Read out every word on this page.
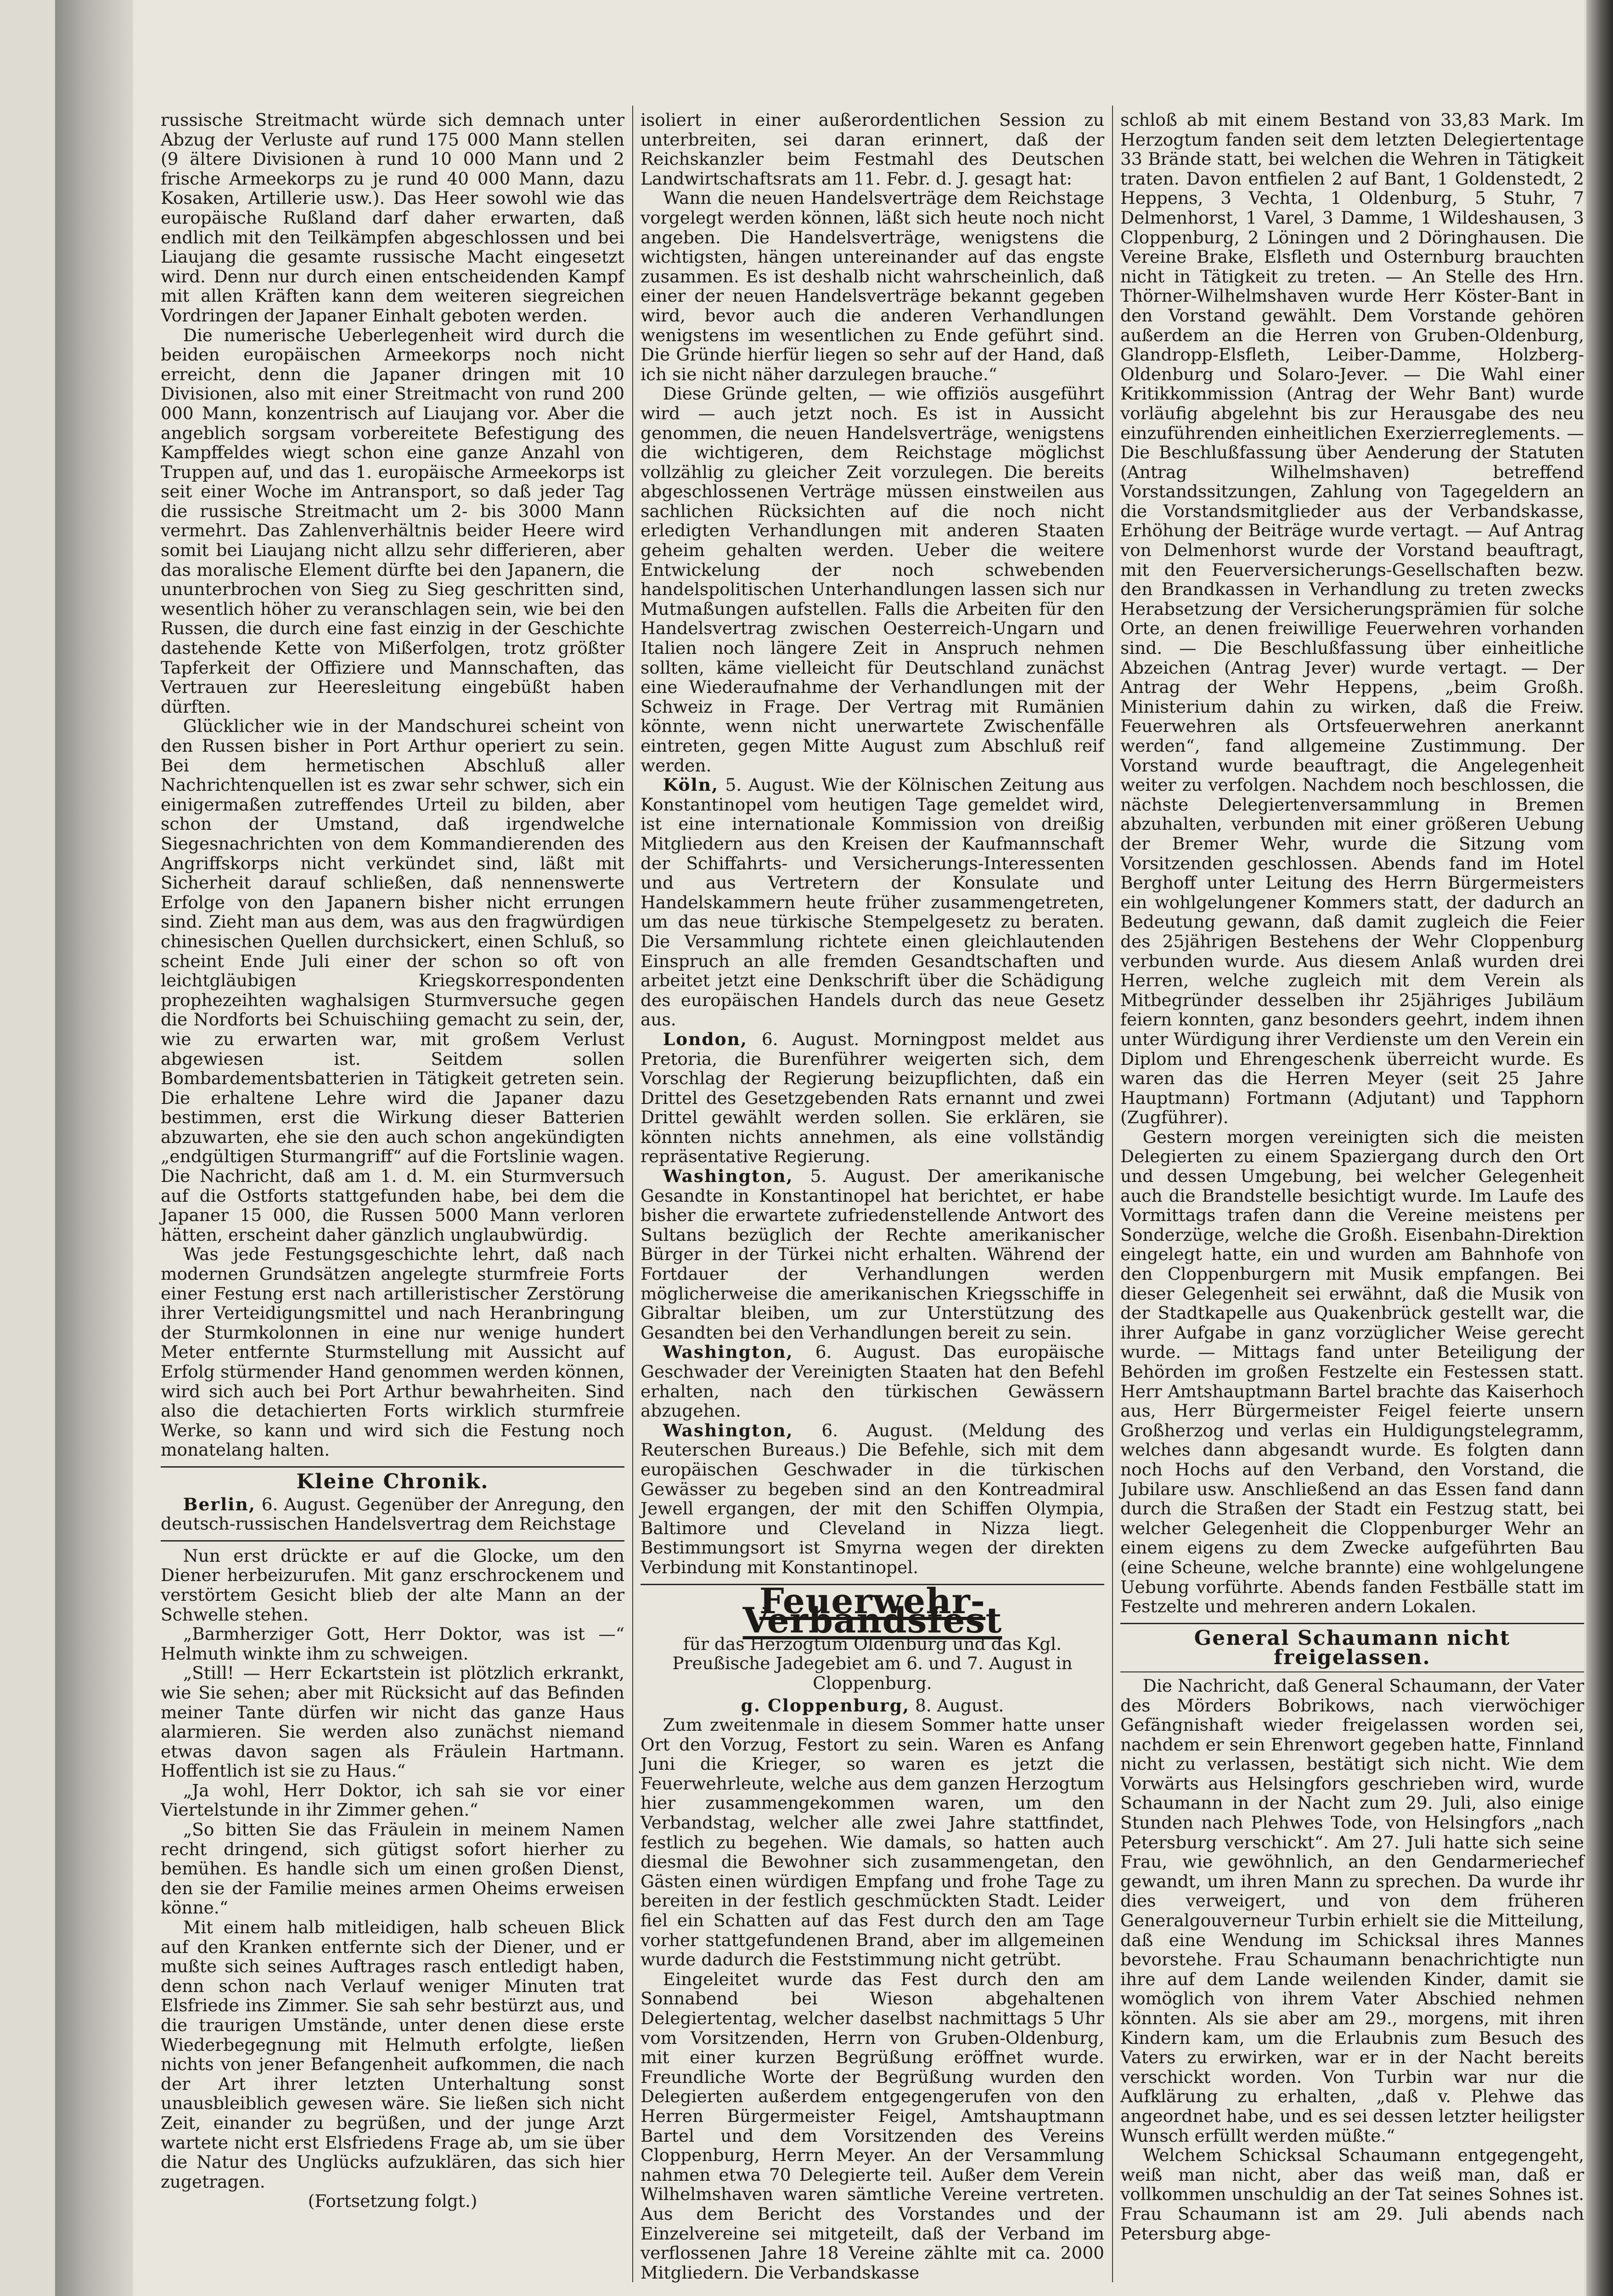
russische Streitmacht würde sich demnach unter Abzug der Verluste auf rund 175 000 Mann stellen (9 ältere Divisionen à rund 10 000 Mann und 2 frische Armeekorps zu je rund 40 000 Mann, dazu Kosaken, Artillerie usw.). Das Heer sowohl wie das europäische Rußland darf daher erwarten, daß endlich mit den Teilkämpfen abgeschlossen und bei Liaujang die gesamte russische Macht eingesetzt wird. Denn nur durch einen entscheidenden Kampf mit allen Kräften kann dem weiteren siegreichen Vordringen der Japaner Einhalt geboten werden.

Die numerische Ueberlegenheit wird durch die beiden europäischen Armeekorps noch nicht erreicht, denn die Japaner dringen mit 10 Divisionen, also mit einer Streitmacht von rund 200 000 Mann, konzentrisch auf Liaujang vor. Aber die angeblich sorgsam vorbereitete Befestigung des Kampffeldes wiegt schon eine ganze Anzahl von Truppen auf, und das 1. europäische Armeekorps ist seit einer Woche im Antransport, so daß jeder Tag die russische Streitmacht um 2- bis 3000 Mann vermehrt. Das Zahlenverhältnis beider Heere wird somit bei Liaujang nicht allzu sehr differieren, aber das moralische Element dürfte bei den Japanern, die ununterbrochen von Sieg zu Sieg geschritten sind, wesentlich höher zu veranschlagen sein, wie bei den Russen, die durch eine fast einzig in der Geschichte dastehende Kette von Mißerfolgen, trotz größter Tapferkeit der Offiziere und Mannschaften, das Vertrauen zur Heeresleitung eingebüßt haben dürften.

Glücklicher wie in der Mandschurei scheint von den Russen bisher in Port Arthur operiert zu sein. Bei dem hermetischen Abschluß aller Nachrichtenquellen ist es zwar sehr schwer, sich ein einigermaßen zutreffendes Urteil zu bilden, aber schon der Umstand, daß irgendwelche Siegesnachrichten von dem Kommandierenden des Angriffskorps nicht verkündet sind, läßt mit Sicherheit darauf schließen, daß nennenswerte Erfolge von den Japanern bisher nicht errungen sind. Zieht man aus dem, was aus den fragwürdigen chinesischen Quellen durchsickert, einen Schluß, so scheint Ende Juli einer der schon so oft von leichtgläubigen Kriegskorrespondenten prophezeihten waghalsigen Sturmversuche gegen die Nordforts bei Schuischiing gemacht zu sein, der, wie zu erwarten war, mit großem Verlust abgewiesen ist. Seitdem sollen Bombardementsbatterien in Tätigkeit getreten sein. Die erhaltene Lehre wird die Japaner dazu bestimmen, erst die Wirkung dieser Batterien abzuwarten, ehe sie den auch schon angekündigten „endgültigen Sturmangriff“ auf die Fortslinie wagen. Die Nachricht, daß am 1. d. M. ein Sturmversuch auf die Ostforts stattgefunden habe, bei dem die Japaner 15 000, die Russen 5000 Mann verloren hätten, erscheint daher gänzlich unglaubwürdig.

Was jede Festungsgeschichte lehrt, daß nach modernen Grundsätzen angelegte sturmfreie Forts einer Festung erst nach artilleristischer Zerstörung ihrer Verteidigungsmittel und nach Heranbringung der Sturmkolonnen in eine nur wenige hundert Meter entfernte Sturmstellung mit Aussicht auf Erfolg stürmender Hand genommen werden können, wird sich auch bei Port Arthur bewahrheiten. Sind also die detachierten Forts wirklich sturmfreie Werke, so kann und wird sich die Festung noch monatelang halten.

Kleine Chronik.

Berlin, 6. August. Gegenüber der Anregung, den deutsch-russischen Handelsvertrag dem Reichstage

Nun erst drückte er auf die Glocke, um den Diener herbeizurufen. Mit ganz erschrockenem und verstörtem Gesicht blieb der alte Mann an der Schwelle stehen.

„Barmherziger Gott, Herr Doktor, was ist —“ Helmuth winkte ihm zu schweigen.

„Still! — Herr Eckartstein ist plötzlich erkrankt, wie Sie sehen; aber mit Rücksicht auf das Befinden meiner Tante dürfen wir nicht das ganze Haus alarmieren. Sie werden also zunächst niemand etwas davon sagen als Fräulein Hartmann. Hoffentlich ist sie zu Haus.“

„Ja wohl, Herr Doktor, ich sah sie vor einer Viertelstunde in ihr Zimmer gehen.“

„So bitten Sie das Fräulein in meinem Namen recht dringend, sich gütigst sofort hierher zu bemühen. Es handle sich um einen großen Dienst, den sie der Familie meines armen Oheims erweisen könne.“

Mit einem halb mitleidigen, halb scheuen Blick auf den Kranken entfernte sich der Diener, und er mußte sich seines Auftrages rasch entledigt haben, denn schon nach Verlauf weniger Minuten trat Elsfriede ins Zimmer. Sie sah sehr bestürzt aus, und die traurigen Umstände, unter denen diese erste Wiederbegegnung mit Helmuth erfolgte, ließen nichts von jener Befangenheit aufkommen, die nach der Art ihrer letzten Unterhaltung sonst unausbleiblich gewesen wäre. Sie ließen sich nicht Zeit, einander zu begrüßen, und der junge Arzt wartete nicht erst Elsfriedens Frage ab, um sie über die Natur des Unglücks aufzuklären, das sich hier zugetragen.

(Fortsetzung folgt.)

isoliert in einer außerordentlichen Session zu unterbreiten, sei daran erinnert, daß der Reichskanzler beim Festmahl des Deutschen Landwirtschaftsrats am 11. Febr. d. J. gesagt hat:

Wann die neuen Handelsverträge dem Reichstage vorgelegt werden können, läßt sich heute noch nicht angeben. Die Handelsverträge, wenigstens die wichtigsten, hängen untereinander auf das engste zusammen. Es ist deshalb nicht wahrscheinlich, daß einer der neuen Handelsverträge bekannt gegeben wird, bevor auch die anderen Verhandlungen wenigstens im wesentlichen zu Ende geführt sind. Die Gründe hierfür liegen so sehr auf der Hand, daß ich sie nicht näher darzulegen brauche.“

Diese Gründe gelten, — wie offiziös ausgeführt wird — auch jetzt noch. Es ist in Aussicht genommen, die neuen Handelsverträge, wenigstens die wichtigeren, dem Reichstage möglichst vollzählig zu gleicher Zeit vorzulegen. Die bereits abgeschlossenen Verträge müssen einstweilen aus sachlichen Rücksichten auf die noch nicht erledigten Verhandlungen mit anderen Staaten geheim gehalten werden. Ueber die weitere Entwickelung der noch schwebenden handelspolitischen Unterhandlungen lassen sich nur Mutmaßungen aufstellen. Falls die Arbeiten für den Handelsvertrag zwischen Oesterreich-Ungarn und Italien noch längere Zeit in Anspruch nehmen sollten, käme vielleicht für Deutschland zunächst eine Wiederaufnahme der Verhandlungen mit der Schweiz in Frage. Der Vertrag mit Rumänien könnte, wenn nicht unerwartete Zwischenfälle eintreten, gegen Mitte August zum Abschluß reif werden.

Köln, 5. August. Wie der Kölnischen Zeitung aus Konstantinopel vom heutigen Tage gemeldet wird, ist eine internationale Kommission von dreißig Mitgliedern aus den Kreisen der Kaufmannschaft der Schiffahrts- und Versicherungs-Interessenten und aus Vertretern der Konsulate und Handelskammern heute früher zusammengetreten, um das neue türkische Stempelgesetz zu beraten. Die Versammlung richtete einen gleichlautenden Einspruch an alle fremden Gesandtschaften und arbeitet jetzt eine Denkschrift über die Schädigung des europäischen Handels durch das neue Gesetz aus.

London, 6. August. Morningpost meldet aus Pretoria, die Burenführer weigerten sich, dem Vorschlag der Regierung beizupflichten, daß ein Drittel des Gesetzgebenden Rats ernannt und zwei Drittel gewählt werden sollen. Sie erklären, sie könnten nichts annehmen, als eine vollständig repräsentative Regierung.

Washington, 5. August. Der amerikanische Gesandte in Konstantinopel hat berichtet, er habe bisher die erwartete zufriedenstellende Antwort des Sultans bezüglich der Rechte amerikanischer Bürger in der Türkei nicht erhalten. Während der Fortdauer der Verhandlungen werden möglicherweise die amerikanischen Kriegsschiffe in Gibraltar bleiben, um zur Unterstützung des Gesandten bei den Verhandlungen bereit zu sein.

Washington, 6. August. Das europäische Geschwader der Vereinigten Staaten hat den Befehl erhalten, nach den türkischen Gewässern abzugehen.

Washington, 6. August. (Meldung des Reuterschen Bureaus.) Die Befehle, sich mit dem europäischen Geschwader in die türkischen Gewässer zu begeben sind an den Kontreadmiral Jewell ergangen, der mit den Schiffen Olympia, Baltimore und Cleveland in Nizza liegt. Bestimmungsort ist Smyrna wegen der direkten Verbindung mit Konstantinopel.

Feuerwehr-Verbandsfest
für das Herzogtum Oldenburg und das Kgl. Preußische Jadegebiet am 6. und 7. August in Cloppenburg.

g. Cloppenburg, 8. August.

Zum zweitenmale in diesem Sommer hatte unser Ort den Vorzug, Festort zu sein. Waren es Anfang Juni die Krieger, so waren es jetzt die Feuerwehrleute, welche aus dem ganzen Herzogtum hier zusammengekommen waren, um den Verbandstag, welcher alle zwei Jahre stattfindet, festlich zu begehen. Wie damals, so hatten auch diesmal die Bewohner sich zusammengetan, den Gästen einen würdigen Empfang und frohe Tage zu bereiten in der festlich geschmückten Stadt. Leider fiel ein Schatten auf das Fest durch den am Tage vorher stattgefundenen Brand, aber im allgemeinen wurde dadurch die Feststimmung nicht getrübt.

Eingeleitet wurde das Fest durch den am Sonnabend bei Wieson abgehaltenen Delegiertentag, welcher daselbst nachmittags 5 Uhr vom Vorsitzenden, Herrn von Gruben-Oldenburg, mit einer kurzen Begrüßung eröffnet wurde. Freundliche Worte der Begrüßung wurden den Delegierten außerdem entgegengerufen von den Herren Bürgermeister Feigel, Amtshauptmann Bartel und dem Vorsitzenden des Vereins Cloppenburg, Herrn Meyer. An der Versammlung nahmen etwa 70 Delegierte teil. Außer dem Verein Wilhelmshaven waren sämtliche Vereine vertreten. Aus dem Bericht des Vorstandes und der Einzelvereine sei mitgeteilt, daß der Verband im verflossenen Jahre 18 Vereine zählte mit ca. 2000 Mitgliedern. Die Verbandskasse

schloß ab mit einem Bestand von 33,83 Mark. Im Herzogtum fanden seit dem letzten Delegiertentage 33 Brände statt, bei welchen die Wehren in Tätigkeit traten. Davon entfielen 2 auf Bant, 1 Goldenstedt, 2 Heppens, 3 Vechta, 1 Oldenburg, 5 Stuhr, 7 Delmenhorst, 1 Varel, 3 Damme, 1 Wildeshausen, 3 Cloppenburg, 2 Löningen und 2 Döringhausen. Die Vereine Brake, Elsfleth und Osternburg brauchten nicht in Tätigkeit zu treten. — An Stelle des Hrn. Thörner-Wilhelmshaven wurde Herr Köster-Bant in den Vorstand gewählt. Dem Vorstande gehören außerdem an die Herren von Gruben-Oldenburg, Glandropp-Elsfleth, Leiber-Damme, Holzberg-Oldenburg und Solaro-Jever. — Die Wahl einer Kritikkommission (Antrag der Wehr Bant) wurde vorläufig abgelehnt bis zur Herausgabe des neu einzuführenden einheitlichen Exerzierreglements. — Die Beschlußfassung über Aenderung der Statuten (Antrag Wilhelmshaven) betreffend Vorstandssitzungen, Zahlung von Tagegeldern an die Vorstandsmitglieder aus der Verbandskasse, Erhöhung der Beiträge wurde vertagt. — Auf Antrag von Delmenhorst wurde der Vorstand beauftragt, mit den Feuerversicherungs-Gesellschaften bezw. den Brandkassen in Verhandlung zu treten zwecks Herabsetzung der Versicherungsprämien für solche Orte, an denen freiwillige Feuerwehren vorhanden sind. — Die Beschlußfassung über einheitliche Abzeichen (Antrag Jever) wurde vertagt. — Der Antrag der Wehr Heppens, „beim Großh. Ministerium dahin zu wirken, daß die Freiw. Feuerwehren als Ortsfeuerwehren anerkannt werden“, fand allgemeine Zustimmung. Der Vorstand wurde beauftragt, die Angelegenheit weiter zu verfolgen. Nachdem noch beschlossen, die nächste Delegiertenversammlung in Bremen abzuhalten, verbunden mit einer größeren Uebung der Bremer Wehr, wurde die Sitzung vom Vorsitzenden geschlossen. Abends fand im Hotel Berghoff unter Leitung des Herrn Bürgermeisters ein wohlgelungener Kommers statt, der dadurch an Bedeutung gewann, daß damit zugleich die Feier des 25jährigen Bestehens der Wehr Cloppenburg verbunden wurde. Aus diesem Anlaß wurden drei Herren, welche zugleich mit dem Verein als Mitbegründer desselben ihr 25jähriges Jubiläum feiern konnten, ganz besonders geehrt, indem ihnen unter Würdigung ihrer Verdienste um den Verein ein Diplom und Ehrengeschenk überreicht wurde. Es waren das die Herren Meyer (seit 25 Jahre Hauptmann) Fortmann (Adjutant) und Tapphorn (Zugführer).

Gestern morgen vereinigten sich die meisten Delegierten zu einem Spaziergang durch den Ort und dessen Umgebung, bei welcher Gelegenheit auch die Brandstelle besichtigt wurde. Im Laufe des Vormittags trafen dann die Vereine meistens per Sonderzüge, welche die Großh. Eisenbahn-Direktion eingelegt hatte, ein und wurden am Bahnhofe von den Cloppenburgern mit Musik empfangen. Bei dieser Gelegenheit sei erwähnt, daß die Musik von der Stadtkapelle aus Quakenbrück gestellt war, die ihrer Aufgabe in ganz vorzüglicher Weise gerecht wurde. — Mittags fand unter Beteiligung der Behörden im großen Festzelte ein Festessen statt. Herr Amtshauptmann Bartel brachte das Kaiserhoch aus, Herr Bürgermeister Feigel feierte unsern Großherzog und verlas ein Huldigungstelegramm, welches dann abgesandt wurde. Es folgten dann noch Hochs auf den Verband, den Vorstand, die Jubilare usw. Anschließend an das Essen fand dann durch die Straßen der Stadt ein Festzug statt, bei welcher Gelegenheit die Cloppenburger Wehr an einem eigens zu dem Zwecke aufgeführten Bau (eine Scheune, welche brannte) eine wohlgelungene Uebung vorführte. Abends fanden Festbälle statt im Festzelte und mehreren andern Lokalen.

General Schaumann nicht freigelassen.

Die Nachricht, daß General Schaumann, der Vater des Mörders Bobrikows, nach vierwöchiger Gefängnishaft wieder freigelassen worden sei, nachdem er sein Ehrenwort gegeben hatte, Finnland nicht zu verlassen, bestätigt sich nicht. Wie dem Vorwärts aus Helsingfors geschrieben wird, wurde Schaumann in der Nacht zum 29. Juli, also einige Stunden nach Plehwes Tode, von Helsingfors „nach Petersburg verschickt“. Am 27. Juli hatte sich seine Frau, wie gewöhnlich, an den Gendarmeriechef gewandt, um ihren Mann zu sprechen. Da wurde ihr dies verweigert, und von dem früheren Generalgouverneur Turbin erhielt sie die Mitteilung, daß eine Wendung im Schicksal ihres Mannes bevorstehe. Frau Schaumann benachrichtigte nun ihre auf dem Lande weilenden Kinder, damit sie womöglich von ihrem Vater Abschied nehmen könnten. Als sie aber am 29., morgens, mit ihren Kindern kam, um die Erlaubnis zum Besuch des Vaters zu erwirken, war er in der Nacht bereits verschickt worden. Von Turbin war nur die Aufklärung zu erhalten, „daß v. Plehwe das angeordnet habe, und es sei dessen letzter heiligster Wunsch erfüllt werden müßte.“

Welchem Schicksal Schaumann entgegengeht, weiß man nicht, aber das weiß man, daß er vollkommen unschuldig an der Tat seines Sohnes ist. Frau Schaumann ist am 29. Juli abends nach Petersburg abge-
